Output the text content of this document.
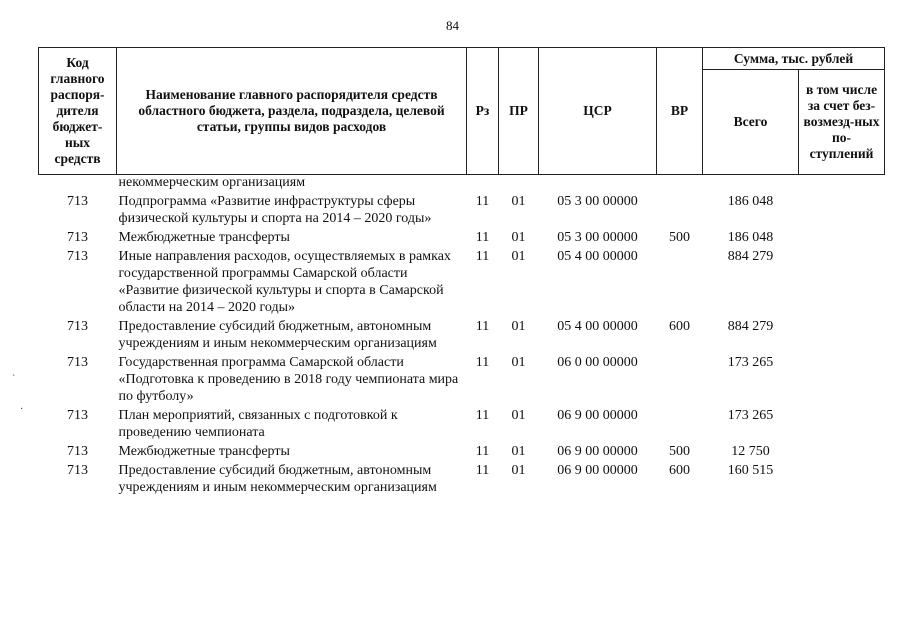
84
Код главного распоря-дителя бюджет-ных средств	Наименование главного распорядителя средств областного бюджета, раздела, подраздела, целевой статьи, группы видов расходов	Рз	ПР	ЦСР	ВР	Сумма, тыс. рублей	
						Всего	в том числе за счет без-возмезд-ных по-ступлений
	некоммерческим организациям						
713	Подпрограмма «Развитие инфраструктуры сферы физической культуры и спорта на 2014 – 2020 годы»	11	01	05 3 00 00000		186 048	
713	Межбюджетные трансферты	11	01	05 3 00 00000	500	186 048	
713	Иные направления расходов, осуществляемых в рамках государственной программы Самарской области «Развитие физической культуры и спорта в Самарской области на 2014 – 2020 годы»	11	01	05 4 00 00000		884 279	
713	Предоставление субсидий бюджетным, автономным учреждениям и иным некоммерческим организациям	11	01	05 4 00 00000	600	884 279	
713	Государственная программа Самарской области «Подготовка к проведению в 2018 году чемпионата мира по футболу»	11	01	06 0 00 00000		173 265	
713	План мероприятий, связанных с подготовкой к проведению чемпионата	11	01	06 9 00 00000		173 265	
713	Межбюджетные трансферты	11	01	06 9 00 00000	500	12 750	
713	Предоставление субсидий бюджетным, автономным учреждениям и иным некоммерческим организациям	11	01	06 9 00 00000	600	160 515	
ˋ
·
